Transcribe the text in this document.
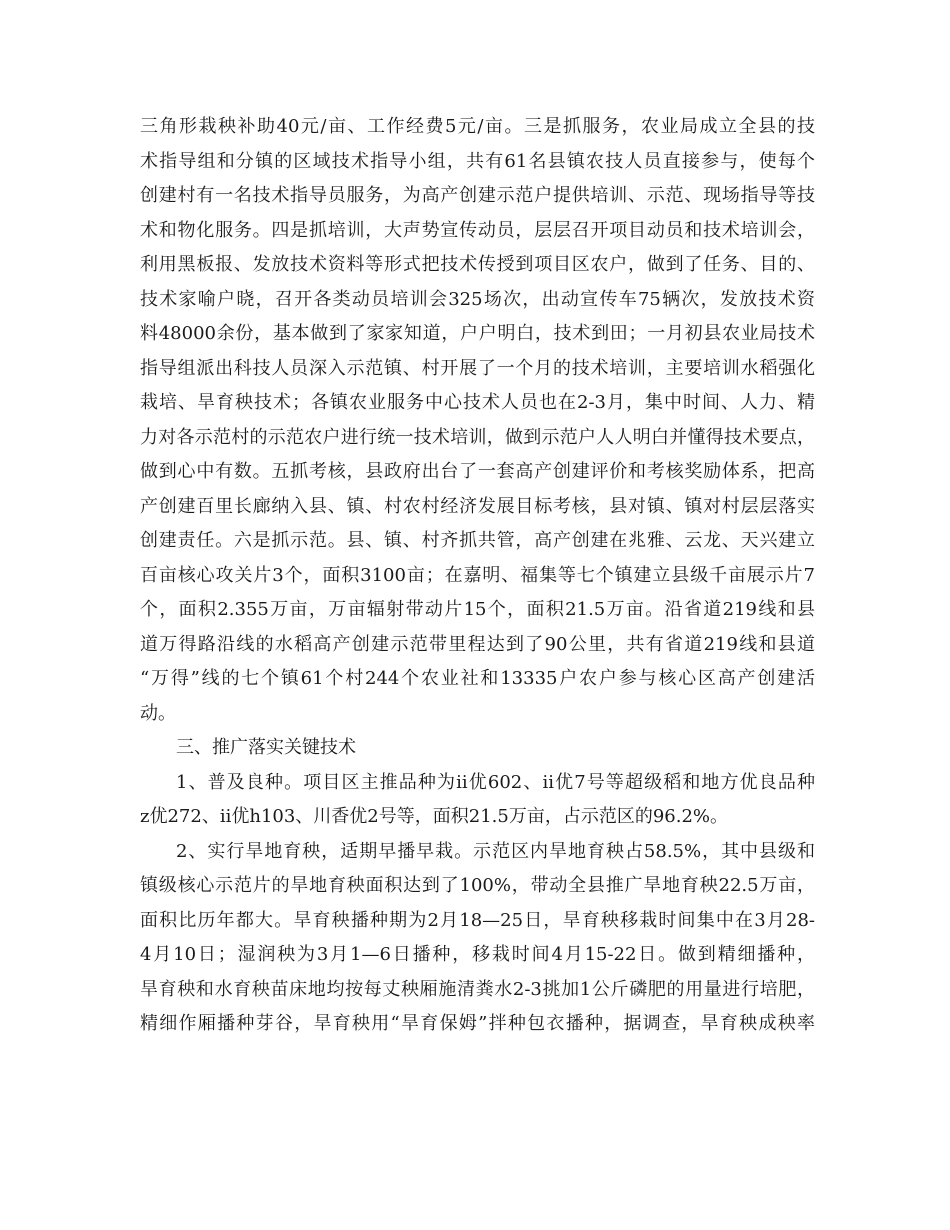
三角形栽秧补助40元/亩、工作经费5元/亩。三是抓服务，农业局成立全县的技
术指导组和分镇的区域技术指导小组，共有61名县镇农技人员直接参与，使每个
创建村有一名技术指导员服务，为高产创建示范户提供培训、示范、现场指导等技
术和物化服务。四是抓培训，大声势宣传动员，层层召开项目动员和技术培训会，
利用黑板报、发放技术资料等形式把技术传授到项目区农户，做到了任务、目的、
技术家喻户晓，召开各类动员培训会325场次，出动宣传车75辆次，发放技术资
料48000余份，基本做到了家家知道，户户明白，技术到田；一月初县农业局技术
指导组派出科技人员深入示范镇、村开展了一个月的技术培训，主要培训水稻强化
栽培、旱育秧技术；各镇农业服务中心技术人员也在2-3月，集中时间、人力、精
力对各示范村的示范农户进行统一技术培训，做到示范户人人明白并懂得技术要点，
做到心中有数。五抓考核，县政府出台了一套高产创建评价和考核奖励体系，把高
产创建百里长廊纳入县、镇、村农村经济发展目标考核，县对镇、镇对村层层落实
创建责任。六是抓示范。县、镇、村齐抓共管，高产创建在兆雅、云龙、天兴建立
百亩核心攻关片3个，面积3100亩；在嘉明、福集等七个镇建立县级千亩展示片7
个，面积2.355万亩，万亩辐射带动片15个，面积21.5万亩。沿省道219线和县
道万得路沿线的水稻高产创建示范带里程达到了90公里，共有省道219线和县道
“万得”线的七个镇61个村244个农业社和13335户农户参与核心区高产创建活
动。
三、推广落实关键技术
1、普及良种。项目区主推品种为ⅱ优602、ⅱ优7号等超级稻和地方优良品种
z优272、ⅱ优h103、川香优2号等，面积21.5万亩，占示范区的96.2%。
2、实行旱地育秧，适期早播早栽。示范区内旱地育秧占58.5%，其中县级和
镇级核心示范片的旱地育秧面积达到了100%，带动全县推广旱地育秧22.5万亩，
面积比历年都大。旱育秧播种期为2月18—25日，旱育秧移栽时间集中在3月28-
4月10日；湿润秧为3月1—6日播种，移栽时间4月15-22日。做到精细播种，
旱育秧和水育秧苗床地均按每丈秧厢施清粪水2-3挑加1公斤磷肥的用量进行培肥，
精细作厢播种芽谷，旱育秧用“旱育保姆”拌种包衣播种，据调查，旱育秧成秧率
